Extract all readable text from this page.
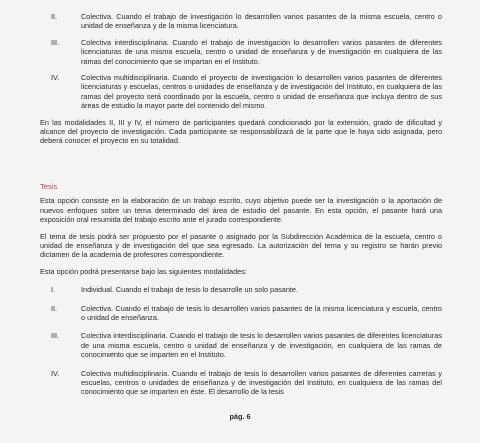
II.	Colectiva. Cuando el trabajo de investigación lo desarrollen varios pasantes de la misma escuela, centro o unidad de enseñanza y de la misma licenciatura.
III.	Colectiva interdisciplinaria. Cuando el trabajo de investigación lo desarrollen varios pasantes de diferentes licenciaturas de una misma escuela, centro o unidad de enseñanza y de investigación en cualquiera de las ramas del conocimiento que se impartan en el Instituto.
IV.	Colectiva multidisciplinaria. Cuando el proyecto de investigación lo desarrollen varios pasantes de diferentes licenciaturas y escuelas, centros o unidades de enseñanza y de investigación del Instituto, en cualquiera de las ramas del proyecto será coordinado por la escuela, centro o unidad de enseñanza que incluya dentro de sus áreas de estudio la mayor parte del contenido del mismo.
En las modalidades II, III y IV, el número de participantes quedará condicionado por la extensión, grado de dificultad y alcance del proyecto de investigación. Cada participante se responsabilizará de la parte que le haya sido asignada, pero deberá conocer el proyecto en su totalidad.
Tesis
Esta opción consiste en la elaboración de un trabajo escrito, cuyo objetivo puede ser la investigación o la aportación de nuevos enfoques sobre un tema determinado del área de estudio del pasante. En esta opción, el pasante hará una exposición oral resumida del trabajo escrito ante el jurado correspondiente.
El tema de tesis podrá ser propuesto por el pasante o asignado por la Subdirección Académica de la escuela, centro o unidad de enseñanza y de investigación del que sea egresado. La autorización del tema y su registro se harán previo dictamen de la academia de profesores correspondiente.
Esta opción podrá presentarse bajo las siguientes modalidades:
I.	Individual. Cuando el trabajo de tesis lo desarrolle un solo pasante.
II.	Colectiva. Cuando el trabajo de tesis lo desarrollen varios pasantes de la misma licenciatura y escuela, centro o unidad de enseñanza.
III.	Colectiva interdisciplinaria. Cuando el trabajo de tesis lo desarrollen varios pasantes de diferentes licenciaturas de una misma escuela, centro o unidad de enseñanza y de investigación, en cualquiera de las ramas de conocimiento que se imparten en el Instituto.
IV.	Colectiva multidisciplinaria. Cuando el trabajo de tesis lo desarrollen varios pasantes de diferentes carreras y escuelas, centros o unidades de enseñanza y de investigación del Instituto, en cualquiera de las ramas del conocimiento que se imparten en éste. El desarrollo de la tesis
pág. 6
